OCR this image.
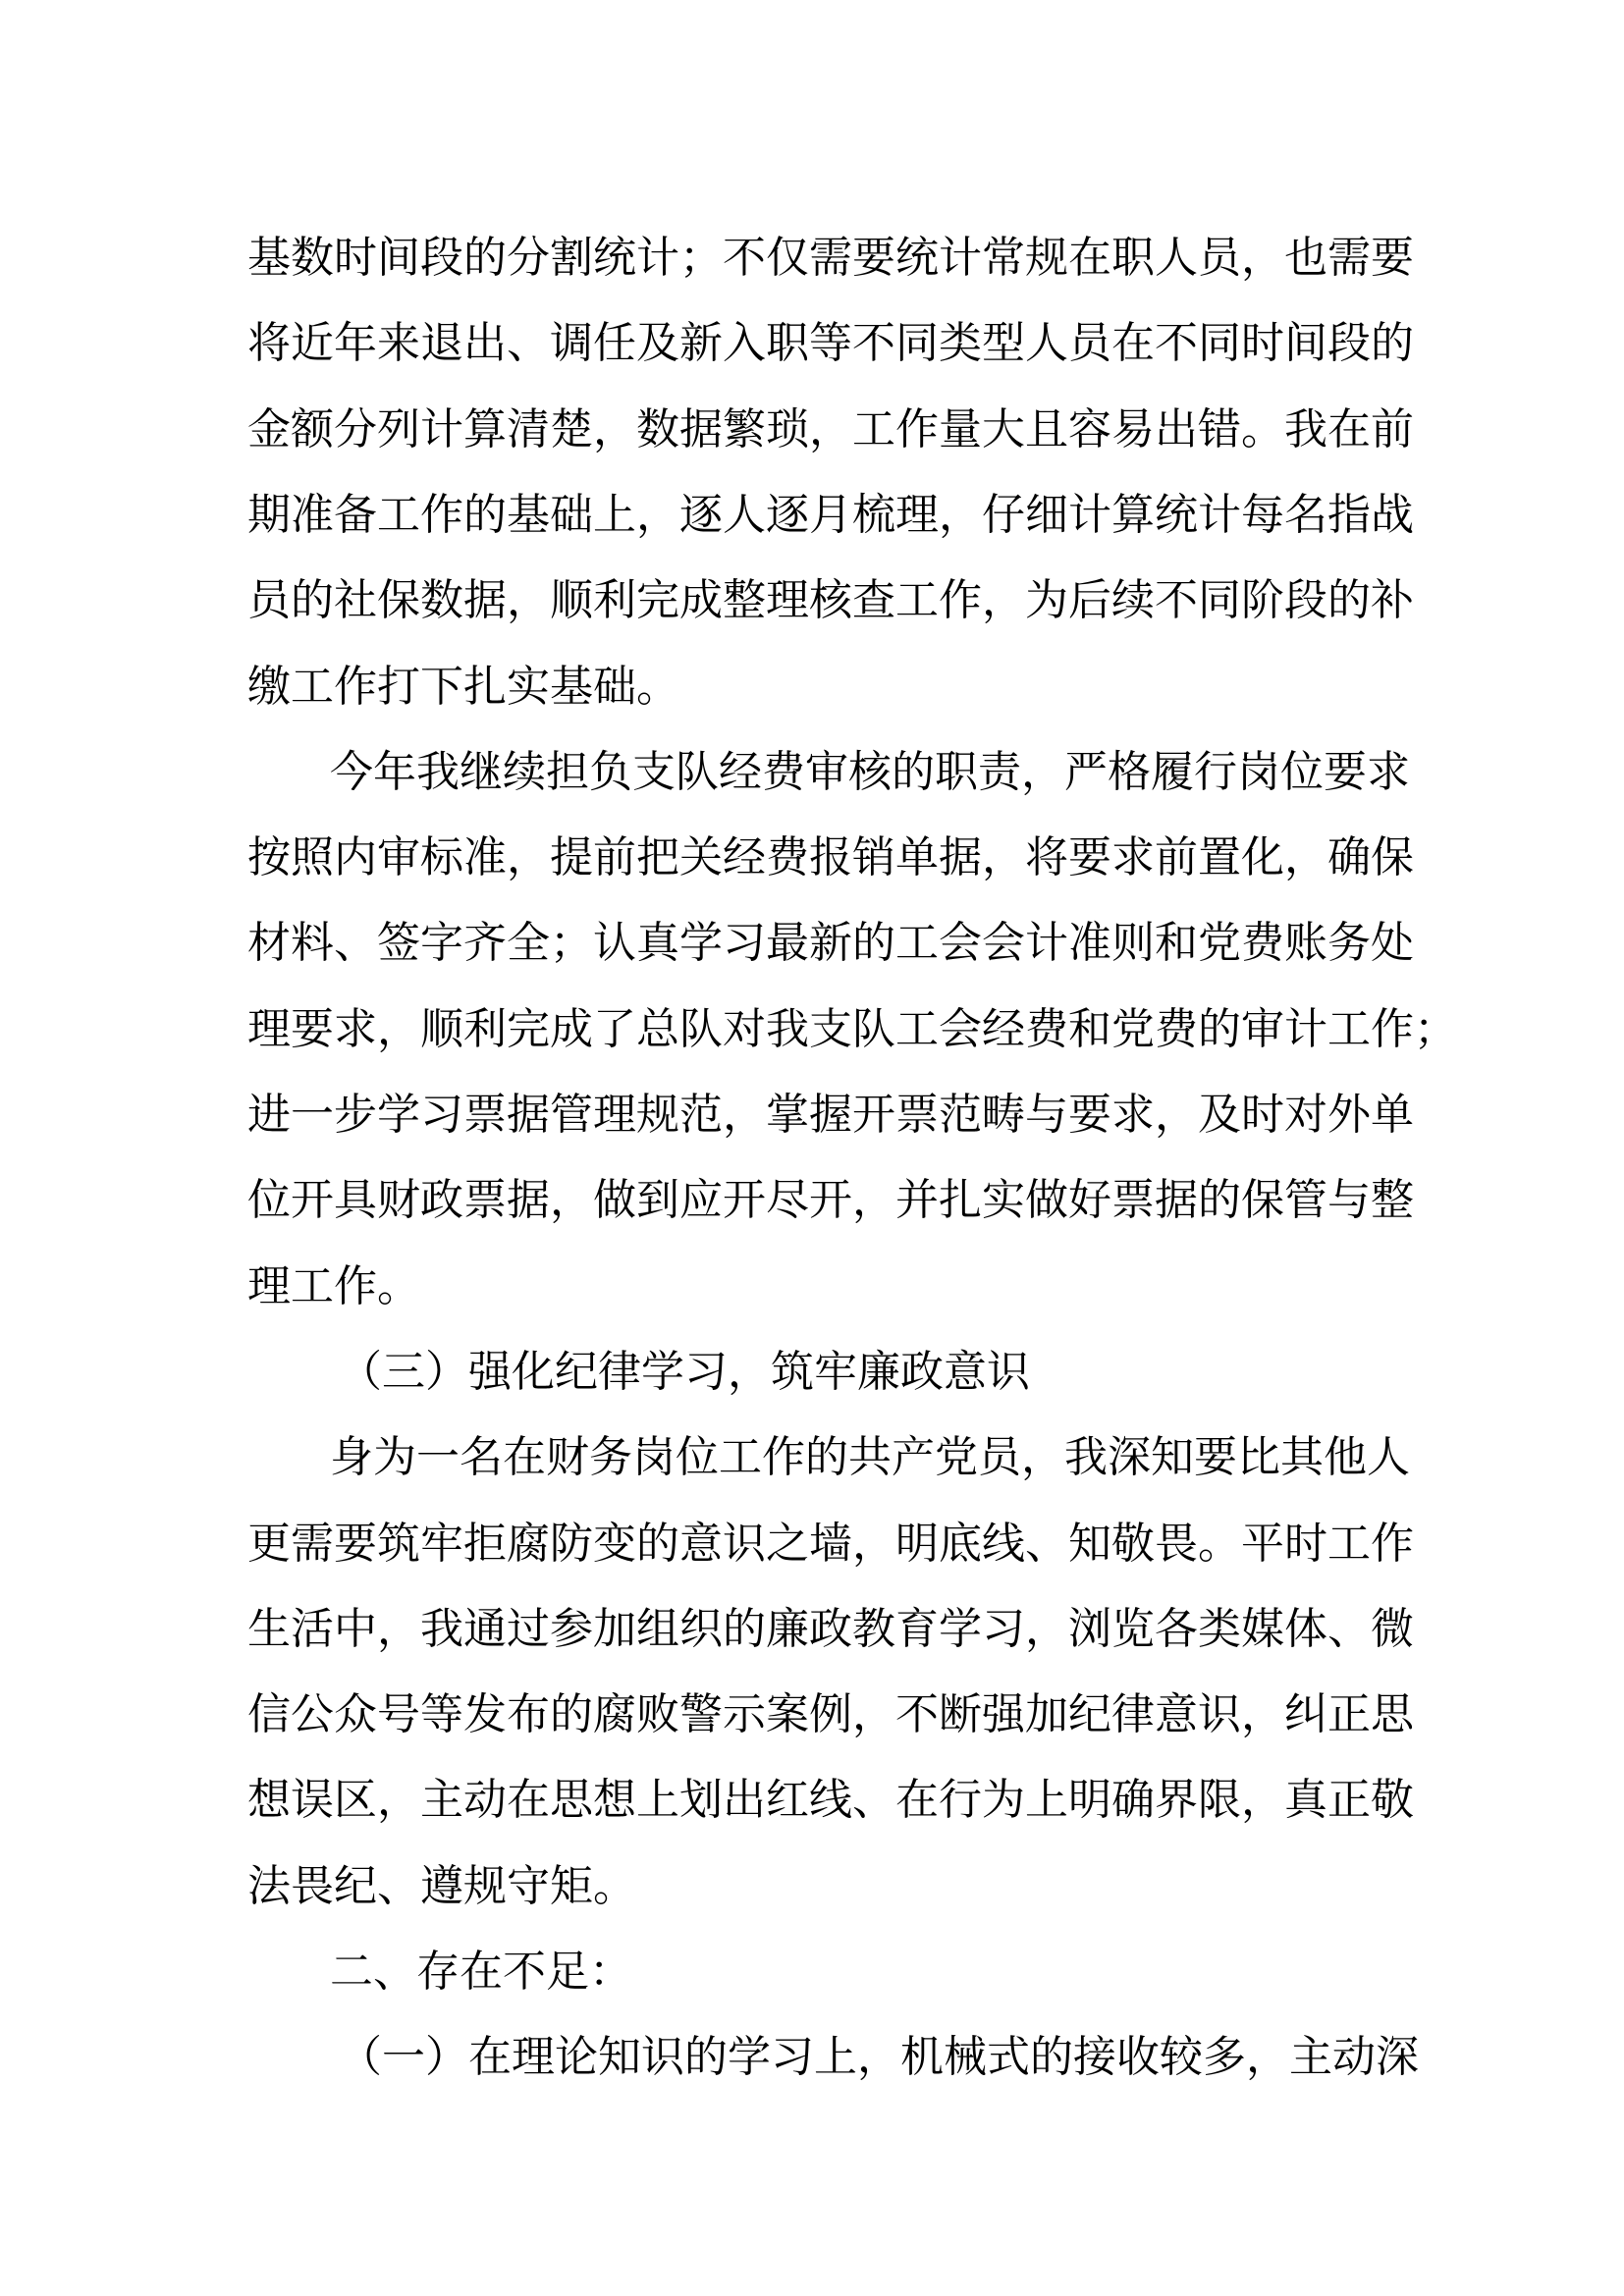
基数时间段的分割统计；不仅需要统计常规在职人员，也需要
将近年来退出、调任及新入职等不同类型人员在不同时间段的
金额分列计算清楚，数据繁琐，工作量大且容易出错。我在前
期准备工作的基础上，逐人逐月梳理，仔细计算统计每名指战
员的社保数据，顺利完成整理核查工作，为后续不同阶段的补
缴工作打下扎实基础。
今年我继续担负支队经费审核的职责，严格履行岗位要求
按照内审标准，提前把关经费报销单据，将要求前置化，确保
材料、签字齐全；认真学习最新的工会会计准则和党费账务处
理要求，顺利完成了总队对我支队工会经费和党费的审计工作；
进一步学习票据管理规范，掌握开票范畴与要求，及时对外单
位开具财政票据，做到应开尽开，并扎实做好票据的保管与整
理工作。
（三）强化纪律学习，筑牢廉政意识
身为一名在财务岗位工作的共产党员，我深知要比其他人
更需要筑牢拒腐防变的意识之墙，明底线、知敬畏。平时工作
生活中，我通过参加组织的廉政教育学习，浏览各类媒体、微
信公众号等发布的腐败警示案例，不断强加纪律意识，纠正思
想误区，主动在思想上划出红线、在行为上明确界限，真正敬
法畏纪、遵规守矩。
二、存在不足：
（一）在理论知识的学习上，机械式的接收较多，主动深
